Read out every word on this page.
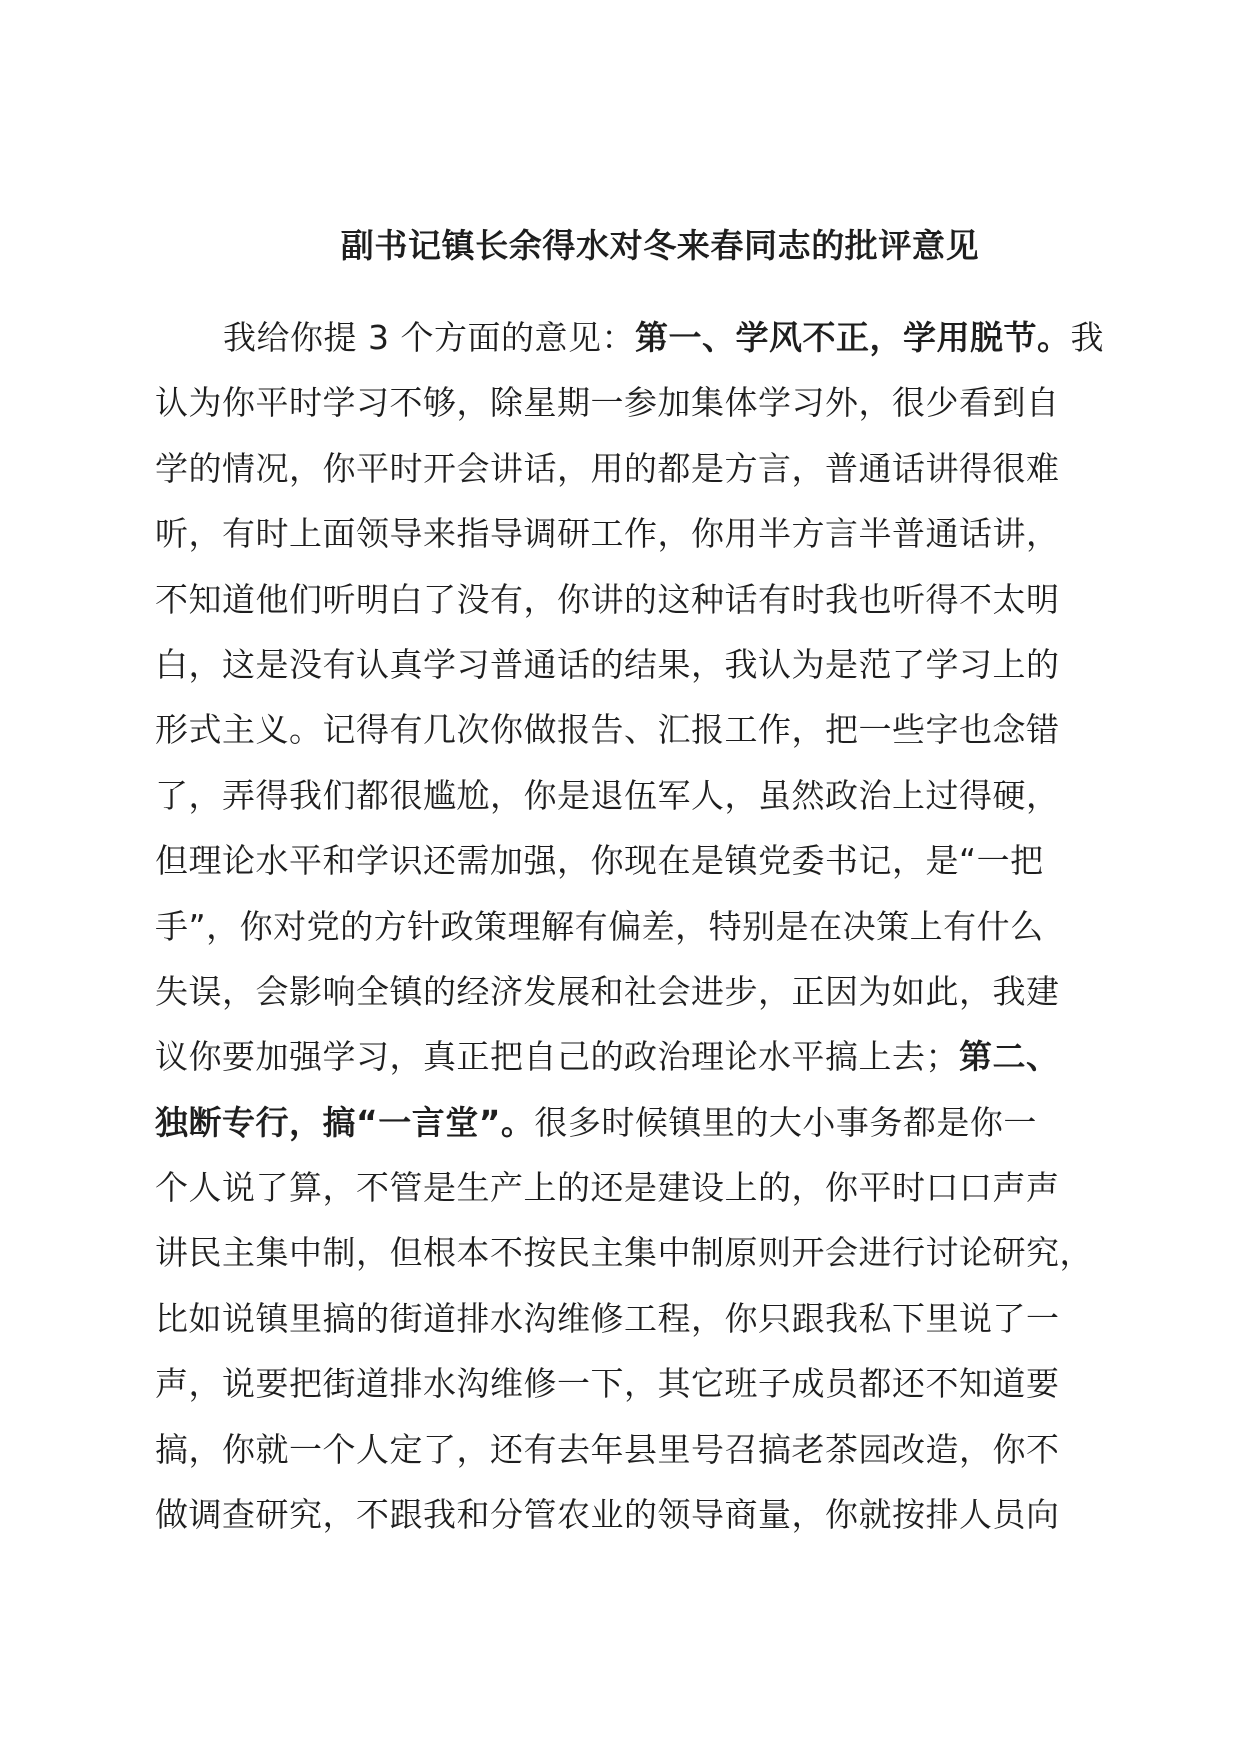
副书记镇长余得水对冬来春同志的批评意见
我给你提 3 个方面的意见：第一、学风不正，学用脱节。我
认为你平时学习不够，除星期一参加集体学习外，很少看到自
学的情况，你平时开会讲话，用的都是方言，普通话讲得很难
听，有时上面领导来指导调研工作，你用半方言半普通话讲，
不知道他们听明白了没有，你讲的这种话有时我也听得不太明
白，这是没有认真学习普通话的结果，我认为是范了学习上的
形式主义。记得有几次你做报告、汇报工作，把一些字也念错
了，弄得我们都很尴尬，你是退伍军人，虽然政治上过得硬，
但理论水平和学识还需加强，你现在是镇党委书记，是“一把
手”，你对党的方针政策理解有偏差，特别是在决策上有什么
失误，会影响全镇的经济发展和社会进步，正因为如此，我建
议你要加强学习，真正把自己的政治理论水平搞上去；第二、
独断专行，搞“一言堂”。很多时候镇里的大小事务都是你一
个人说了算，不管是生产上的还是建设上的，你平时口口声声
讲民主集中制，但根本不按民主集中制原则开会进行讨论研究，
比如说镇里搞的街道排水沟维修工程，你只跟我私下里说了一
声，说要把街道排水沟维修一下，其它班子成员都还不知道要
搞，你就一个人定了，还有去年县里号召搞老茶园改造，你不
做调查研究，不跟我和分管农业的领导商量，你就按排人员向
